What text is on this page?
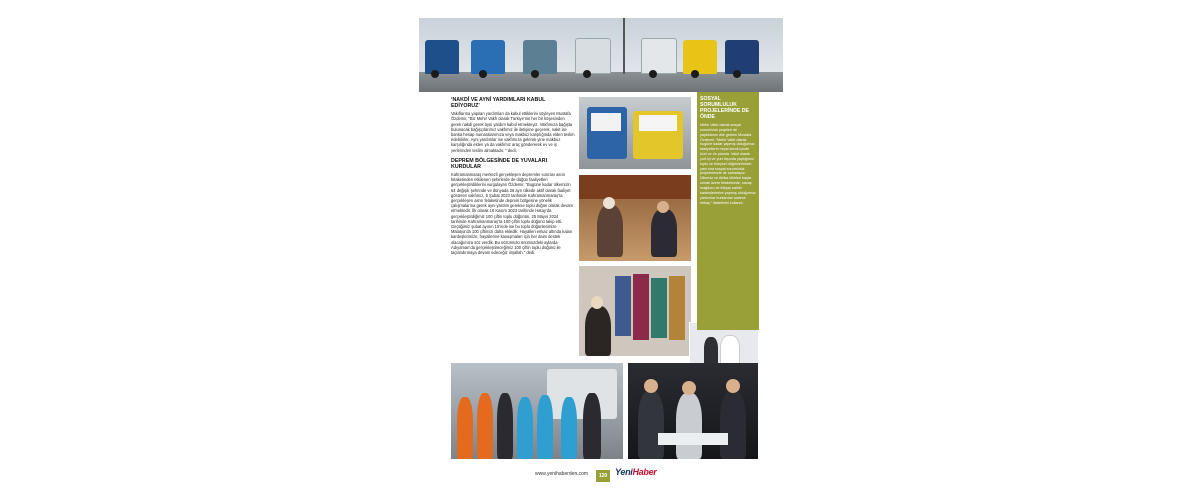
‘NAKDİ VE AYNİ YARDIMLARI KABUL EDİYORUZ’
Vakıflarına yapılan yardımları da kabul ettiklerini söyleyen Mustafa Özdemir, “Biz Mehir Vakfı olarak Türkiye’nin her bir köşesinden gerek nakdi gerek ayni yardım kabul etmekteyiz. Vakfımıza bağışta bulunacak bağışçılarımız vakfımız ile iletişime geçerek, nakit ise banka hesap numaralarımıza veya makbuz karşılığında elden teslim edebilirler. Ayni yardımlar ise vakfımıza gelerek yine makbuz karşılığında elden ya da vakfımız araç göndererek ev ve iş yerlerinden teslim almaktadır. ” dedi.
DEPREM BÖLGESİNDE DE YUVALARI KURDULAR
Kahramanmaraş merkezli gerçekleşen depremler sonrası asrın felaketinden etkilenen şehirlerde de düğün faaliyetleri gerçekleştirdiklerini vurgulayan Özdemir, “Bugüne kadar ülkemizin 64 değişik şehrinde ve dünyada 26 ayrı ülkede aktif olarak faaliyet gösteren vakfımız, 6 Şubat 2023 tarihinde Kahramanmaraş’ta gerçekleşen asrın felaketinde deprem bölgesine yönelik çalışmalarına gerek ayni yardım gerekse toplu düğün olarak devam etmektedir. İlk olarak 16 Kasım 2023 tarihinde Hatay’da gerçekleştirdiğimiz 100 çiftin toplu düğünün, 25 Mayıs 2024 tarihinde Kahramanmaraş’ta 100 çiftin toplu düğünü takip etti. Geçtiğimiz şubat ayının 15’inde ise bu toplu düğünlerimize Malatya’da 100 çiftimizi daha ekledik. Hayalleri enkaz altında kalan kardeşlerimize, hayallerine kavuşmaları için her daim destek olacağımıza söz verdik. Bu sözümüzü önümüzdeki aylarda Adıyaman’da gerçekleştireceğimiz 100 çiftin toplu düğünü ile taçlandırmaya devam edeceğiz inşallah.” dedi.
SOSYAL SORUMLULUK PROJELERİNDE DE ÖNDE
Mehir Vakfı olarak sosyal sorumluluk projeleri de yaptıklarını dile getiren Mustafa Özdemir, “Mehir Vakfı olarak bugüne kadar yapmış olduğumuz faaliyetlerin hepsi kendi içinde özel ve ön planda. Vakıf olarak yurt içi ve yurt dışında yaptığımız toplu ve bireysel düğünlerimizin yanı sıra sosyal sorumluluk projelerimizle de sahadayız. Ülkemiz ve Afrika ülkeleri başta olmak üzere felaketzede, savaş mağduru ve ihtiyaç sahibi kardeşlerimize yapmış olduğumuz yardımlar bunlardan sadece birkaç.” ifadelerini kullandı.
www.yenihaberden.com	120 YeniHaber
